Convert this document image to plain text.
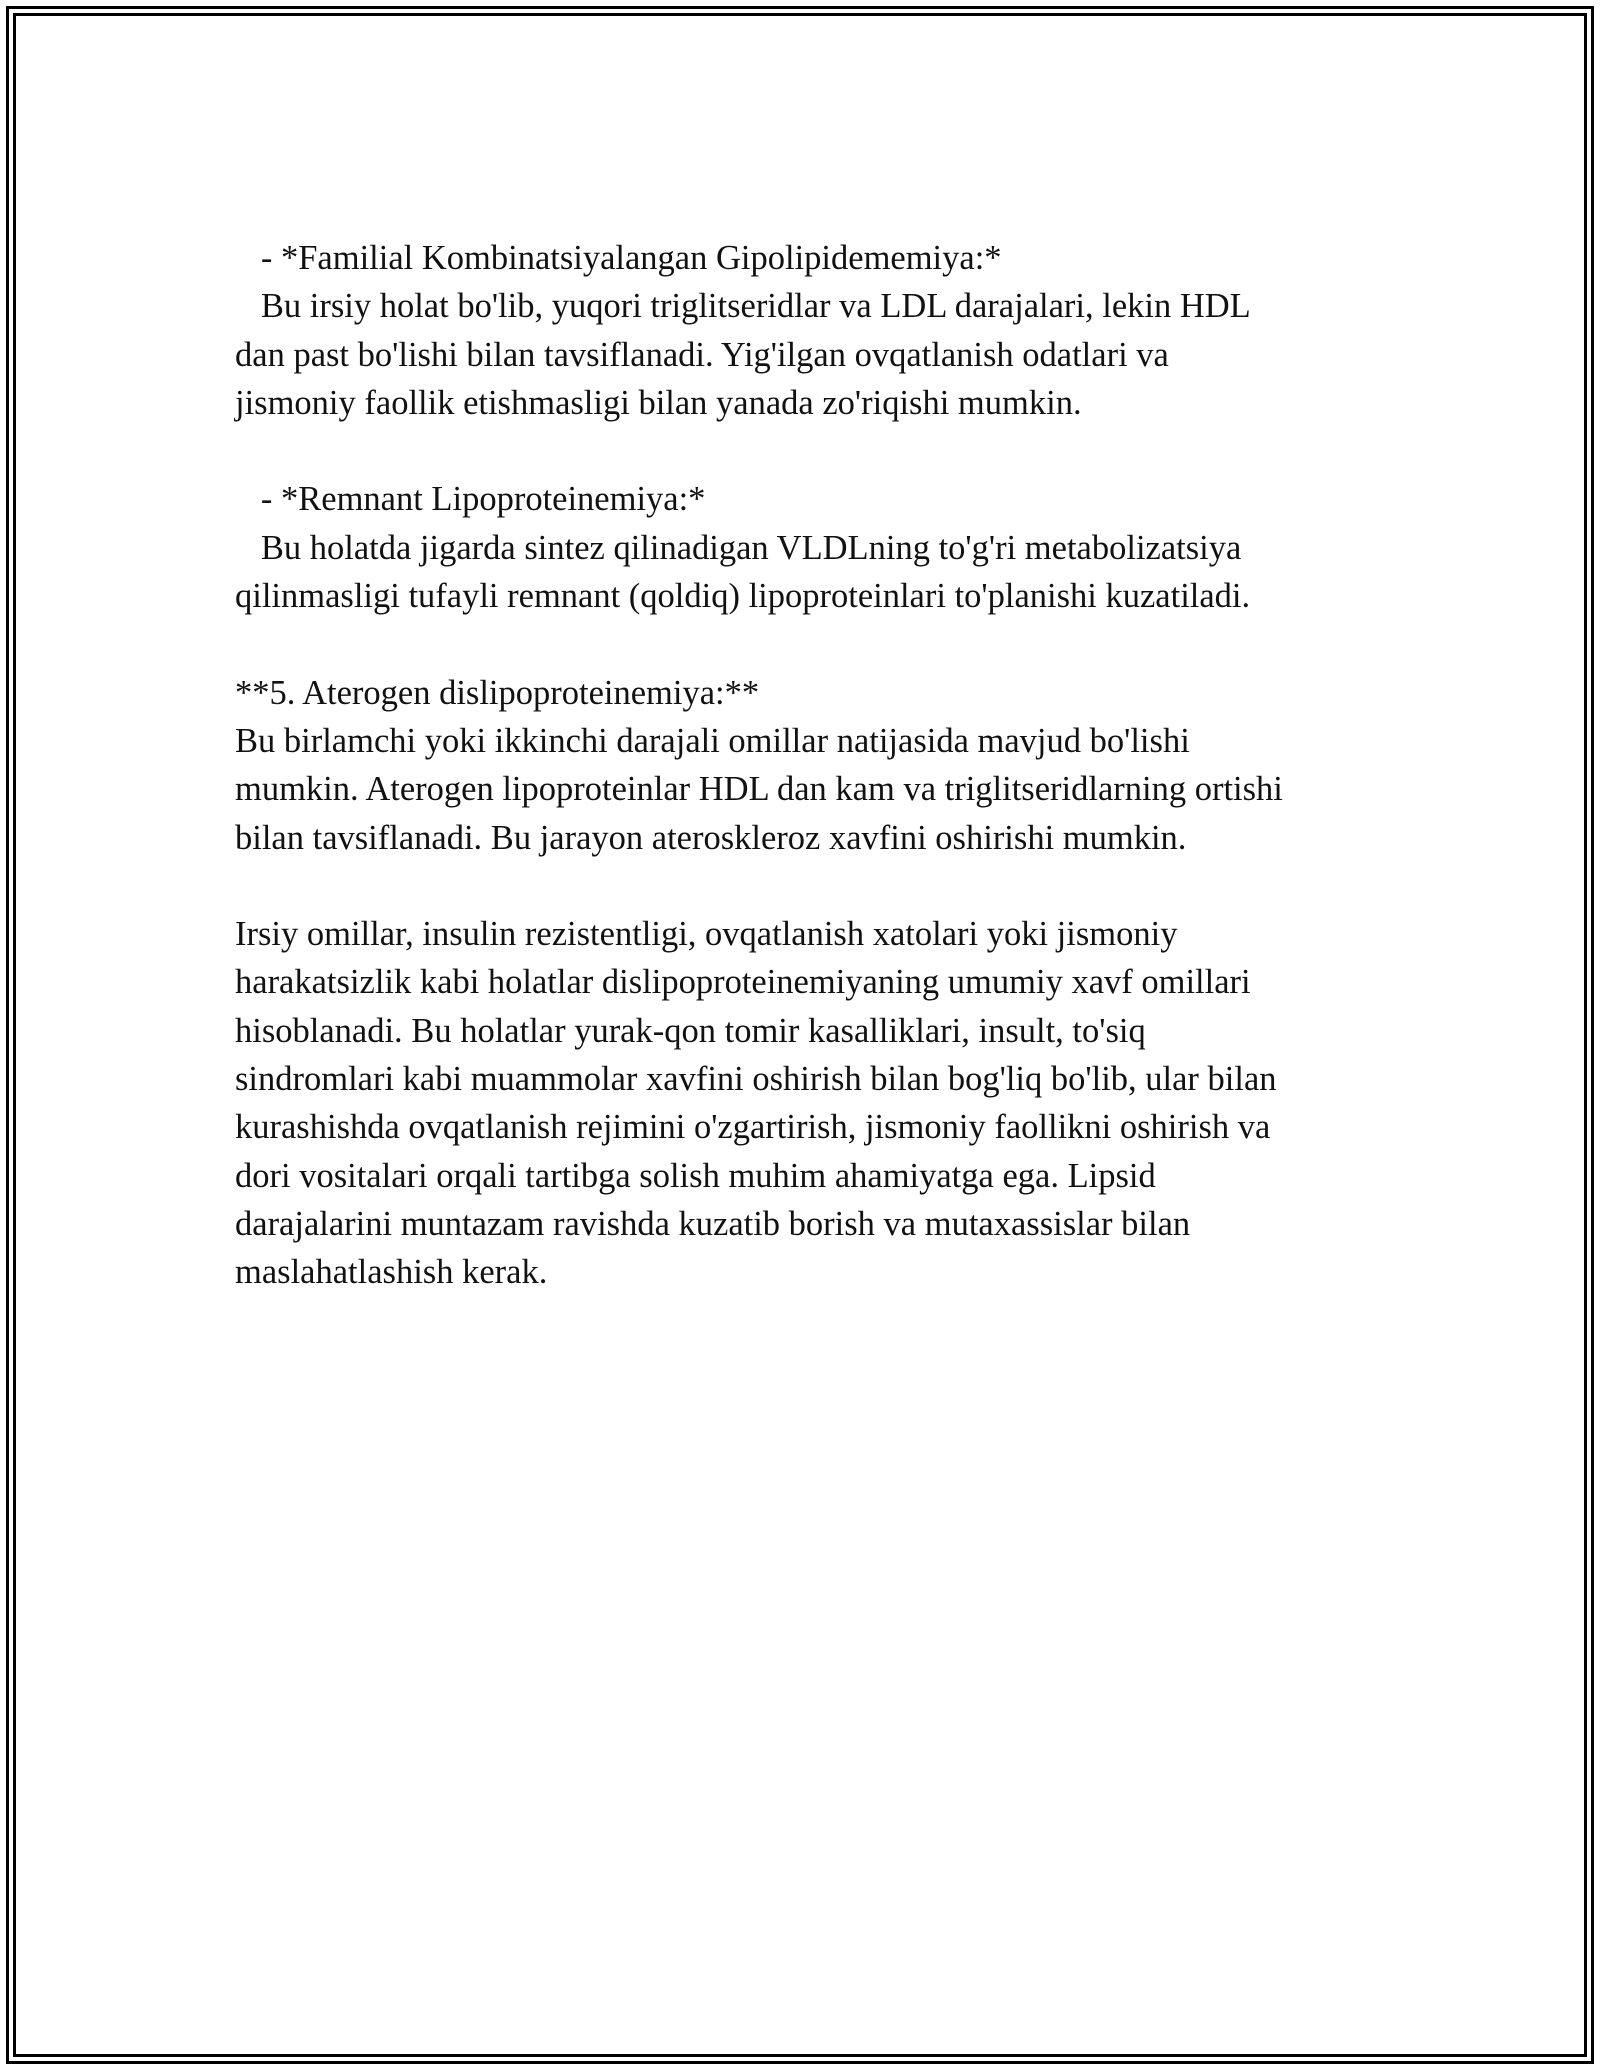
- *Familial Kombinatsiyalangan Gipolipidememiya:*
Bu irsiy holat bo'lib, yuqori triglitseridlar va LDL darajalari, lekin HDL
dan past bo'lishi bilan tavsiflanadi. Yig'ilgan ovqatlanish odatlari va
jismoniy faollik etishmasligi bilan yanada zo'riqishi mumkin.
- *Remnant Lipoproteinemiya:*
Bu holatda jigarda sintez qilinadigan VLDLning to'g'ri metabolizatsiya
qilinmasligi tufayli remnant (qoldiq) lipoproteinlari to'planishi kuzatiladi.
**5. Aterogen dislipoproteinemiya:**
Bu birlamchi yoki ikkinchi darajali omillar natijasida mavjud bo'lishi
mumkin. Aterogen lipoproteinlar HDL dan kam va triglitseridlarning ortishi
bilan tavsiflanadi. Bu jarayon ateroskleroz xavfini oshirishi mumkin.
Irsiy omillar, insulin rezistentligi, ovqatlanish xatolari yoki jismoniy
harakatsizlik kabi holatlar dislipoproteinemiyaning umumiy xavf omillari
hisoblanadi. Bu holatlar yurak-qon tomir kasalliklari, insult, to'siq
sindromlari kabi muammolar xavfini oshirish bilan bog'liq bo'lib, ular bilan
kurashishda ovqatlanish rejimini o'zgartirish, jismoniy faollikni oshirish va
dori vositalari orqali tartibga solish muhim ahamiyatga ega. Lipsid
darajalarini muntazam ravishda kuzatib borish va mutaxassislar bilan
maslahatlashish kerak.
